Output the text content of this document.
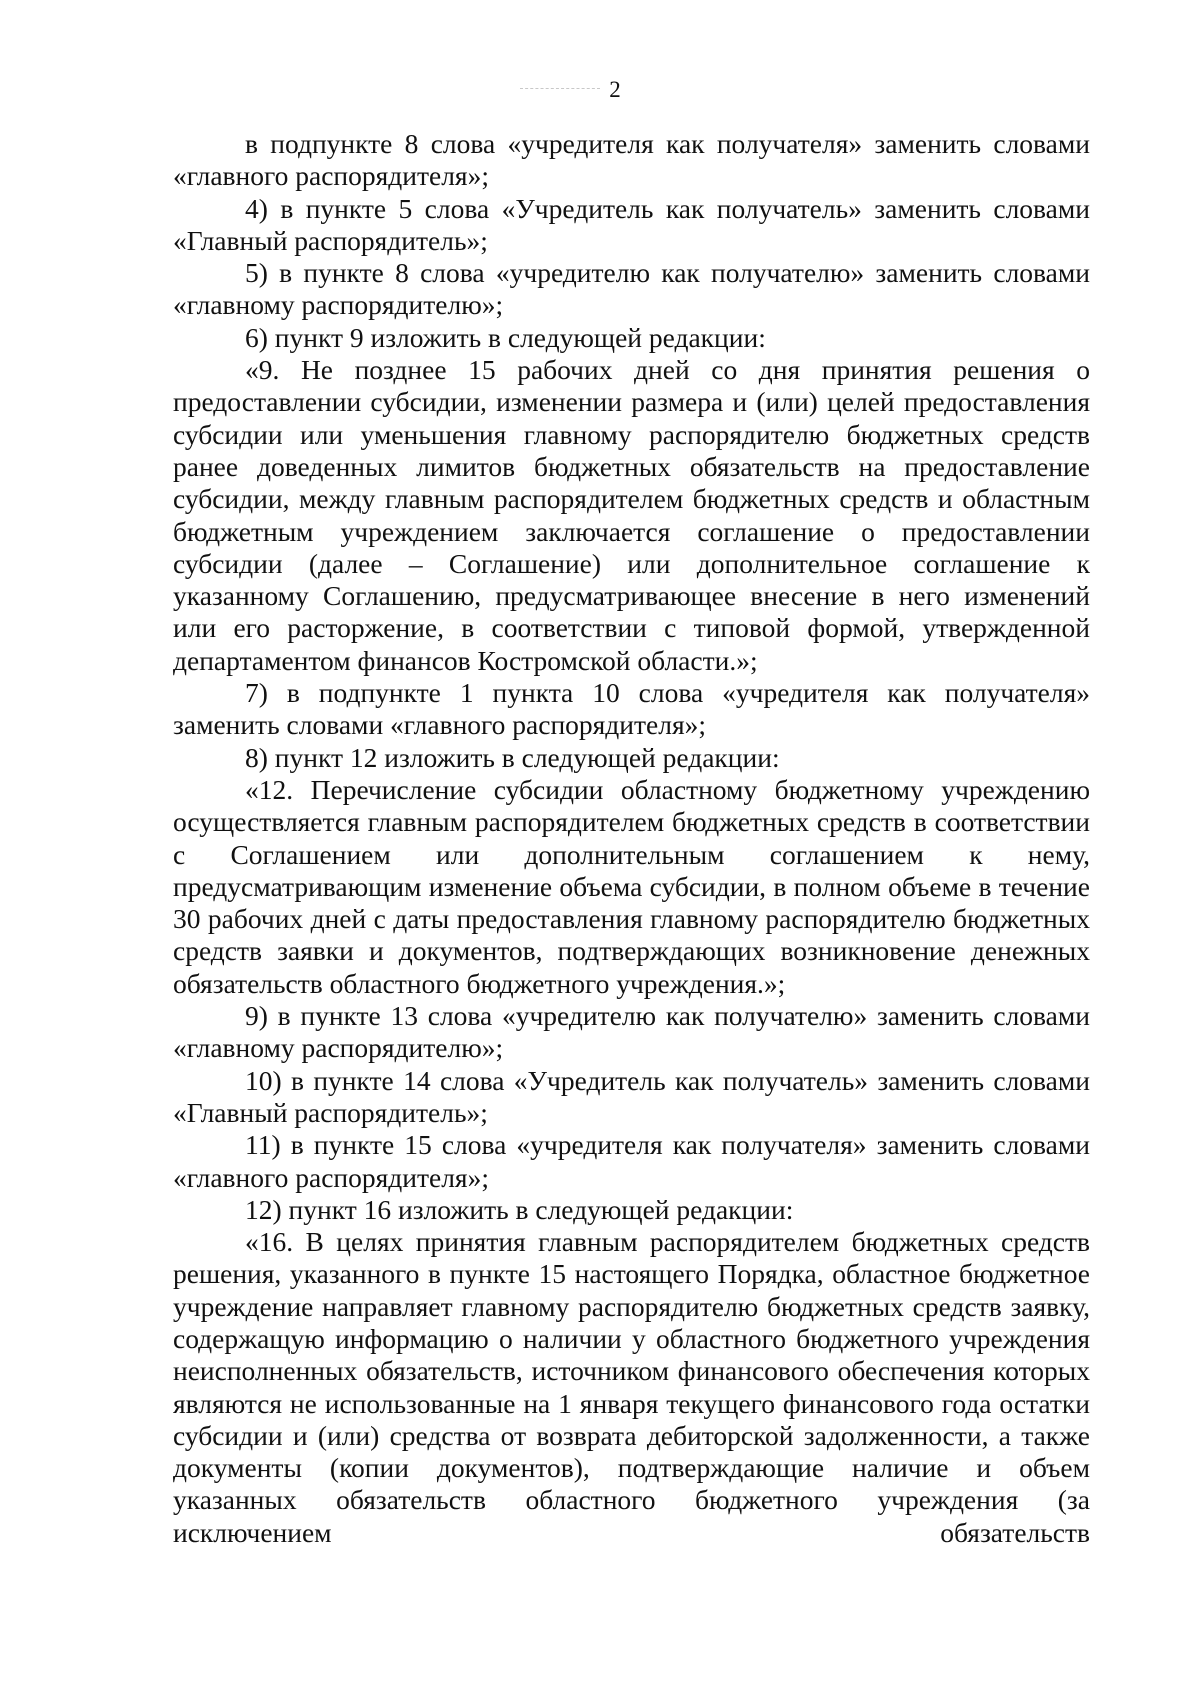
2

в подпункте 8 слова «учредителя как получателя» заменить словами «главного распорядителя»;

4) в пункте 5 слова «Учредитель как получатель» заменить словами «Главный распорядитель»;

5) в пункте 8 слова «учредителю как получателю» заменить словами «главному распорядителю»;

6) пункт 9 изложить в следующей редакции:

«9. Не позднее 15 рабочих дней со дня принятия решения о предоставлении субсидии, изменении размера и (или) целей предоставления субсидии или уменьшения главному распорядителю бюджетных средств ранее доведенных лимитов бюджетных обязательств на предоставление субсидии, между главным распорядителем бюджетных средств и областным бюджетным учреждением заключается соглашение о предоставлении субсидии (далее – Соглашение) или дополнительное соглашение к указанному Соглашению, предусматривающее внесение в него изменений или его расторжение, в соответствии с типовой формой, утвержденной департаментом финансов Костромской области.»;

7) в подпункте 1 пункта 10 слова «учредителя как получателя» заменить словами «главного распорядителя»;

8) пункт 12 изложить в следующей редакции:

«12. Перечисление субсидии областному бюджетному учреждению осуществляется главным распорядителем бюджетных средств в соответствии с Соглашением или дополнительным соглашением к нему, предусматривающим изменение объема субсидии, в полном объеме в течение 30 рабочих дней с даты предоставления главному распорядителю бюджетных средств заявки и документов, подтверждающих возникновение денежных обязательств областного бюджетного учреждения.»;

9) в пункте 13 слова «учредителю как получателю» заменить словами «главному распорядителю»;

10) в пункте 14 слова «Учредитель как получатель» заменить словами «Главный распорядитель»;

11) в пункте 15 слова «учредителя как получателя» заменить словами «главного распорядителя»;

12) пункт 16 изложить в следующей редакции:

«16. В целях принятия главным распорядителем бюджетных средств решения, указанного в пункте 15 настоящего Порядка, областное бюджетное учреждение направляет главному распорядителю бюджетных средств заявку, содержащую информацию о наличии у областного бюджетного учреждения неисполненных обязательств, источником финансового обеспечения которых являются не использованные на 1 января текущего финансового года остатки субсидии и (или) средства от возврата дебиторской задолженности, а также документы (копии документов), подтверждающие наличие и объем указанных обязательств областного бюджетного учреждения (за исключением обязательств
